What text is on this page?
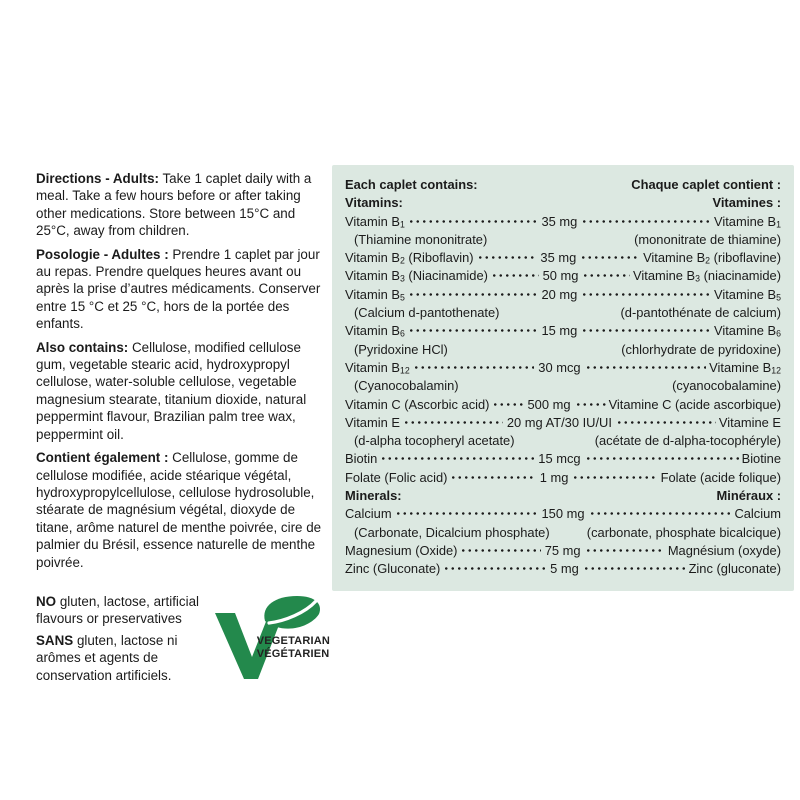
Directions - Adults: Take 1 caplet daily with a meal. Take a few hours before or after taking other medications. Store between 15°C and 25°C, away from children.
Posologie - Adultes : Prendre 1 caplet par jour au repas. Prendre quelques heures avant ou après la prise d’autres médicaments. Conserver entre 15 °C et 25 °C, hors de la portée des enfants.
Also contains: Cellulose, modified cellulose gum, vegetable stearic acid, hydroxypropyl cellulose, water-soluble cellulose, vegetable magnesium stearate, titanium dioxide, natural peppermint flavour, Brazilian palm tree wax, peppermint oil.
Contient également : Cellulose, gomme de cellulose modifiée, acide stéarique végétal, hydroxypropylcellulose, cellulose hydrosoluble, stéarate de magnésium végétal, dioxyde de titane, arôme naturel de menthe poivrée, cire de palmier du Brésil, essence naturelle de menthe poivrée.
NO gluten, lactose, artificial flavours or preservatives
SANS gluten, lactose ni arômes et agents de conservation artificiels.
VEGETARIAN
VÉGÉTARIEN
Each caplet contains:	Chaque caplet contient :
Vitamins:	Vitamines :
Vitamin $B_1$	35 mg	Vitamine $B_1$
(Thiamine mononitrate)	(mononitrate de thiamine)
Vitamin $B_2$ (Riboflavin)	35 mg	Vitamine $B_2$ (riboflavine)
Vitamin $B_3$ (Niacinamide)	50 mg	Vitamine $B_3$ (niacinamide)
Vitamin $B_5$	20 mg	Vitamine $B_5$
(Calcium d-pantothenate)	(d-pantothénate de calcium)
Vitamin $B_6$	15 mg	Vitamine $B_6$
(Pyridoxine HCl)	(chlorhydrate de pyridoxine)
Vitamin $B_{12}$	30 mcg	Vitamine $B_{12}$
(Cyanocobalamin)	(cyanocobalamine)
Vitamin C (Ascorbic acid)	500 mg	Vitamine C (acide ascorbique)
Vitamin E	20 mg AT/30 IU/UI	Vitamine E
(d-alpha tocopheryl acetate)	(acétate de d-alpha-tocophéryle)
Biotin	15 mcg	Biotine
Folate (Folic acid)	1 mg	Folate (acide folique)
Minerals:	Minéraux :
Calcium	150 mg	Calcium
(Carbonate, Dicalcium phosphate)	(carbonate, phosphate bicalcique)
Magnesium (Oxide)	75 mg	Magnésium (oxyde)
Zinc (Gluconate)	5 mg	Zinc (gluconate)
